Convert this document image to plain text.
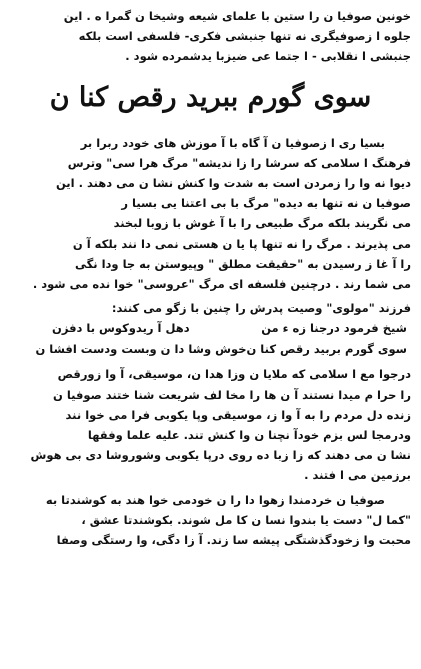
خونین صوفیا ن را ستین با علمای شیعه وشیخا ن گمرا ه . این
جلوه ا زصوفیگری نه تنها جنبشی فکری- فلسفی است بلکه
جنبشی ا نقلابی - ا جتما عی ضیزبا یدشمرده شود .
سوی گورم ببرید رقص کنا ن
بسیا ری ا زصوفیا ن آ گاه با آ موزش های خودد ربرا بر
فرهنگ ا سلامی که سرشا را زا ندیشه" مرگ هرا سی" وترس
دیوا نه وا را زمردن است به شدت وا کنش نشا ن می دهند . این
صوفیا ن نه تنها به دیده" مرگ با بی اعتنا یی بسیا ر
می نگریند بلکه مرگ طبیعی را با آ غوش با زوبا لبخند
می پذیرند . مرگ را نه تنها پا یا ن هستی نمی دا نند بلکه آ ن
را آ غا ز رسیدن به "حقیقت مطلق " وپیوستن به جا ودا نگی
می شما رند . درچنین فلسفه ای مرگ "عروسی" خوا نده می شود .
فرزند "مولوی" وصیت پدرش را چنین با زگو می کنند:
شیخ فرمود درجنا زه ء من
دهل آ ریدوکوس با دفزن
سوی گورم بربید رقص کنا ن
خوش وشا دا ن وبست ودست افشا ن
درجوا مع ا سلامی که ملایا ن وزا هدا ن، موسیقی، آ وا زورقص
را حرا م میدا نستند آ ن ها را مخا لف شریعت شنا ختند صوفیا ن
زنده دل مردم را به آ وا ز، موسیقی وپا یکوبی فرا می خوا نند
ودرمجا لس بزم خودآ نچنا ن وا کنش تند. علیه علما وفقها
نشا ن می دهند که زا زبا ده روی درپا یکوبی وشوروشا دی بی هوش
برزمین می ا فتند .
صوفیا ن خردمندا زهوا دا را ن خودمی خوا هند به کوشندتا به
"کما ل" دست یا بندوا نسا ن کا مل شوند. بکوشندتا عشق ،
محبت وا زخودگذشتگی پیشه سا زند. آ زا دگی، وا رستگی وصفا
